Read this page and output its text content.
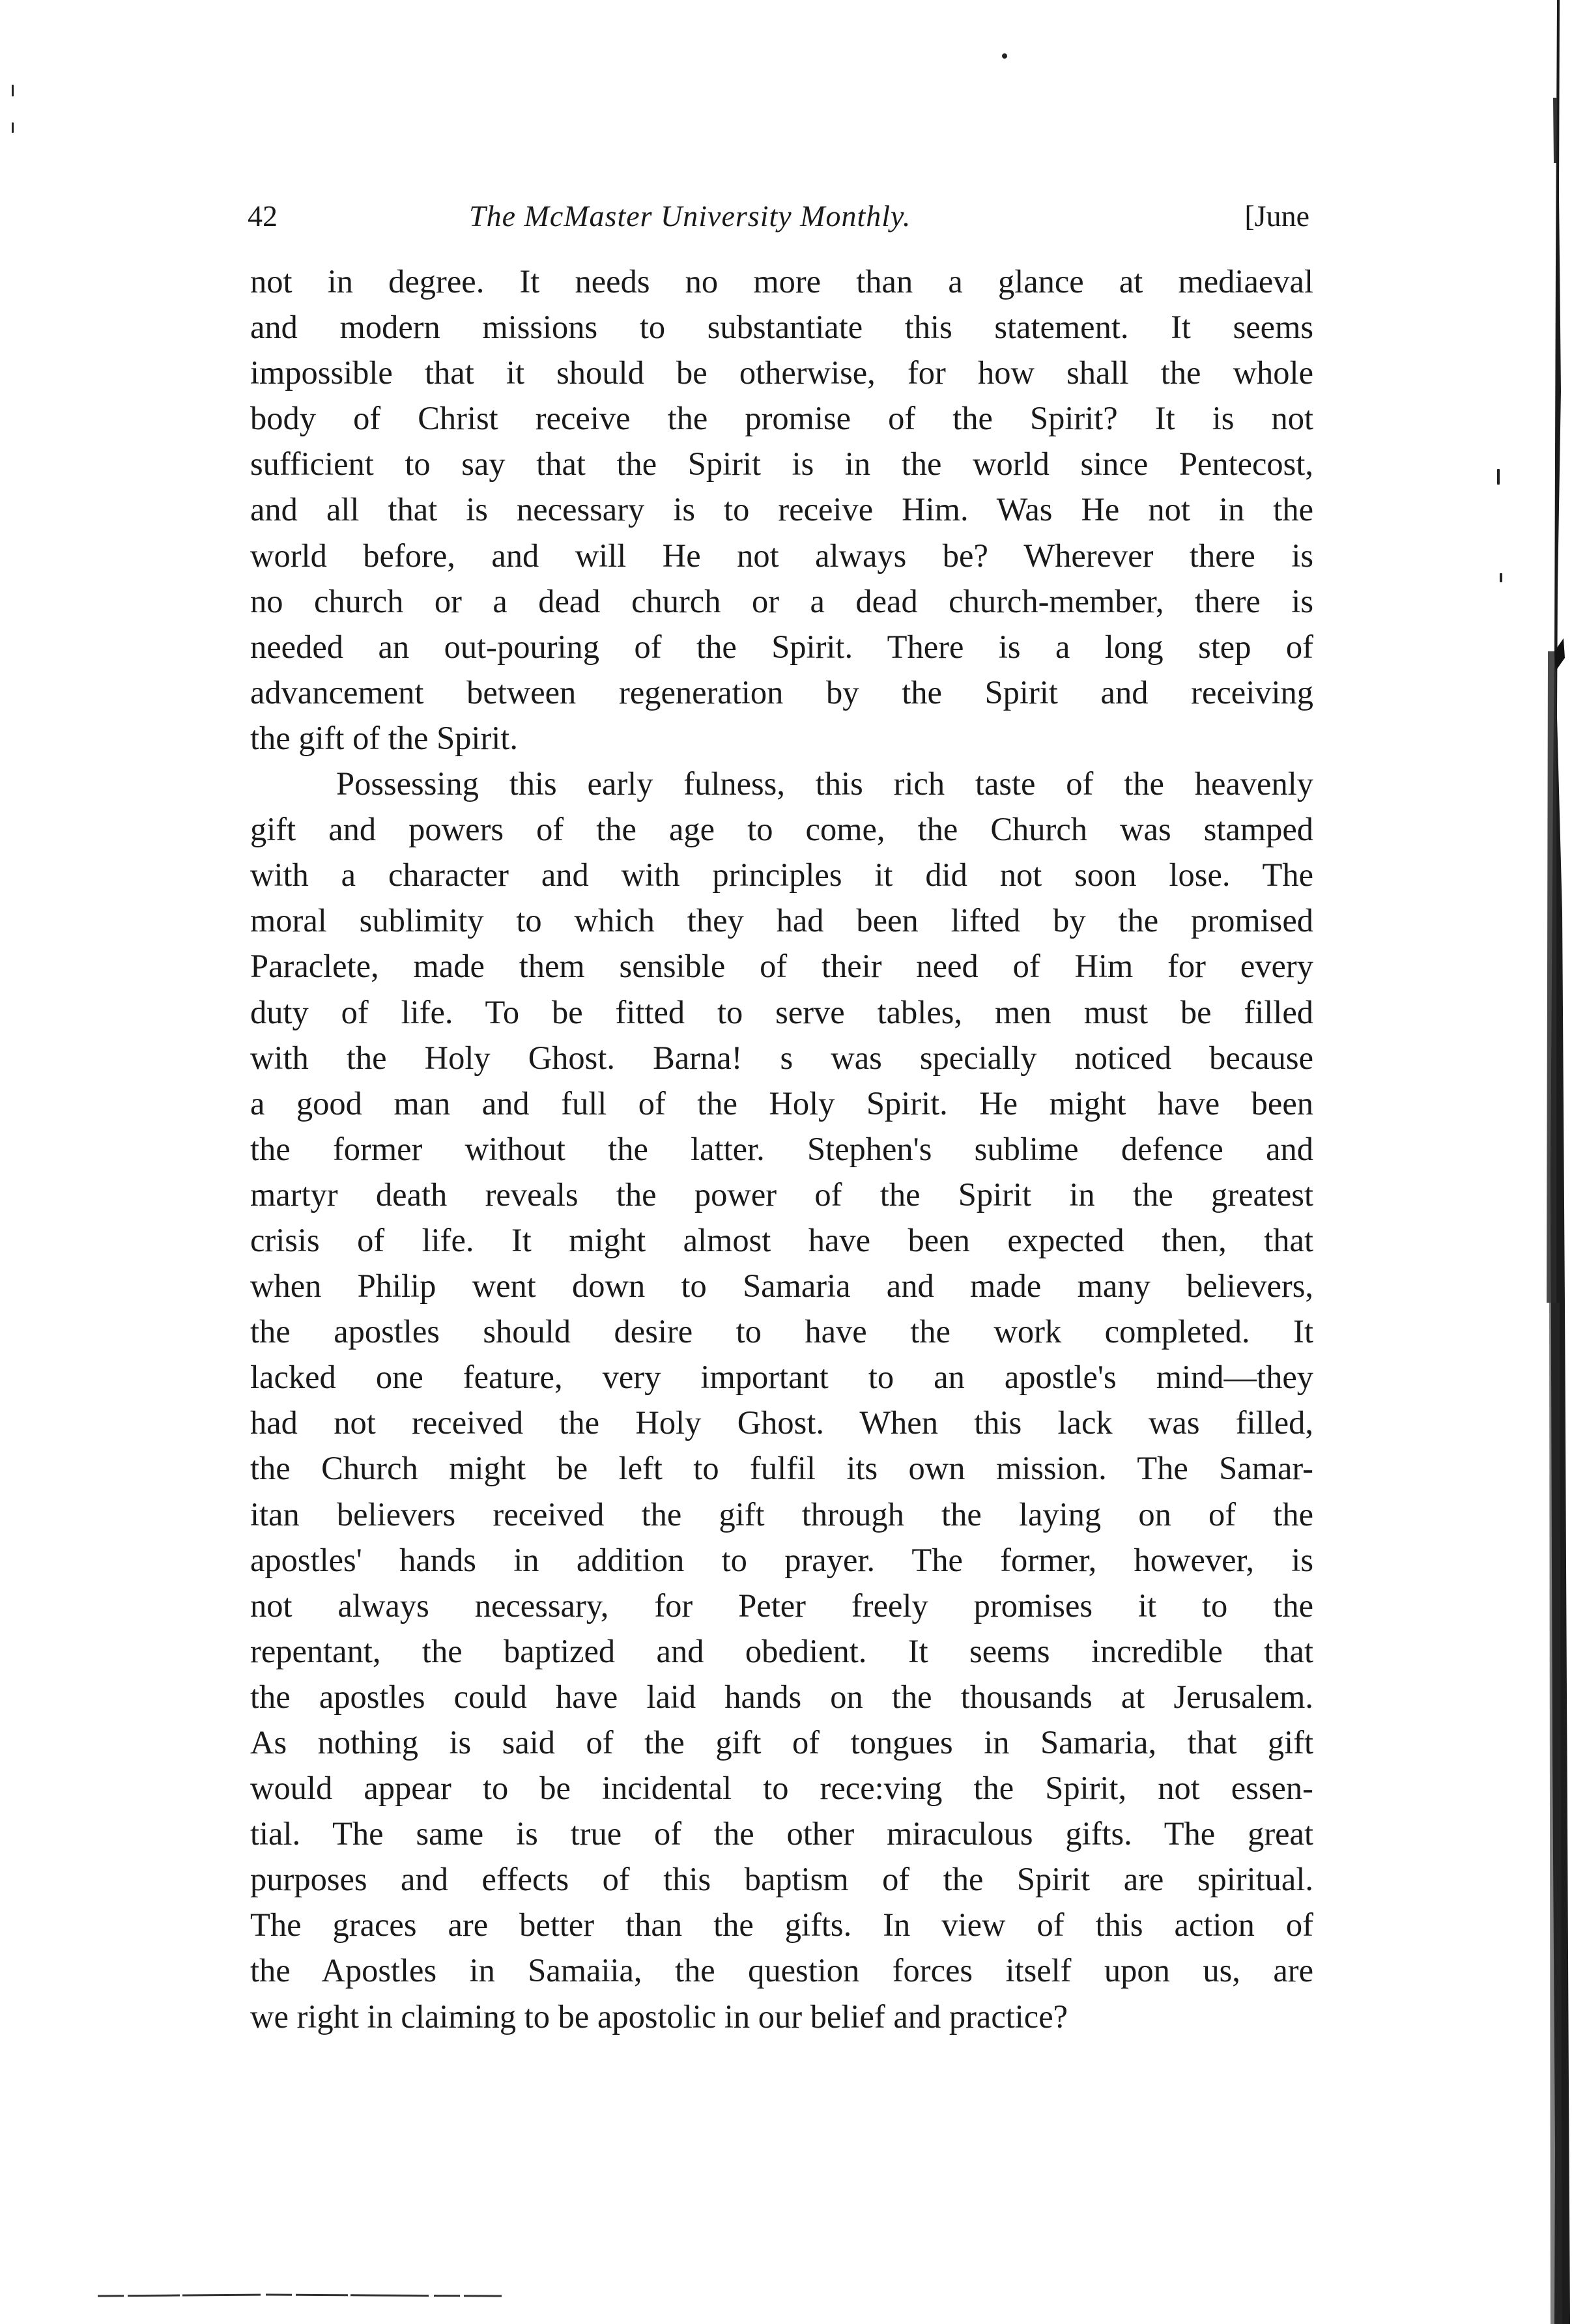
42	The McMaster University Monthly.	[June
not in degree. It needs no more than a glance at mediaeval
and modern missions to substantiate this statement. It seems
impossible that it should be otherwise, for how shall the whole
body of Christ receive the promise of the Spirit? It is not
sufficient to say that the Spirit is in the world since Pentecost,
and all that is necessary is to receive Him. Was He not in the
world before, and will He not always be? Wherever there is
no church or a dead church or a dead church-member, there is
needed an out-pouring of the Spirit. There is a long step of
advancement between regeneration by the Spirit and receiving
the gift of the Spirit.
Possessing this early fulness, this rich taste of the heavenly
gift and powers of the age to come, the Church was stamped
with a character and with principles it did not soon lose. The
moral sublimity to which they had been lifted by the promised
Paraclete, made them sensible of their need of Him for every
duty of life. To be fitted to serve tables, men must be filled
with the Holy Ghost. Barna! s was specially noticed because
a good man and full of the Holy Spirit. He might have been
the former without the latter. Stephen's sublime defence and
martyr death reveals the power of the Spirit in the greatest
crisis of life. It might almost have been expected then, that
when Philip went down to Samaria and made many believers,
the apostles should desire to have the work completed. It
lacked one feature, very important to an apostle's mind—they
had not received the Holy Ghost. When this lack was filled,
the Church might be left to fulfil its own mission. The Samar-
itan believers received the gift through the laying on of the
apostles' hands in addition to prayer. The former, however, is
not always necessary, for Peter freely promises it to the
repentant, the baptized and obedient. It seems incredible that
the apostles could have laid hands on the thousands at Jerusalem.
As nothing is said of the gift of tongues in Samaria, that gift
would appear to be incidental to rece:ving the Spirit, not essen-
tial. The same is true of the other miraculous gifts. The great
purposes and effects of this baptism of the Spirit are spiritual.
The graces are better than the gifts. In view of this action of
the Apostles in Samaiia, the question forces itself upon us, are
we right in claiming to be apostolic in our belief and practice?
